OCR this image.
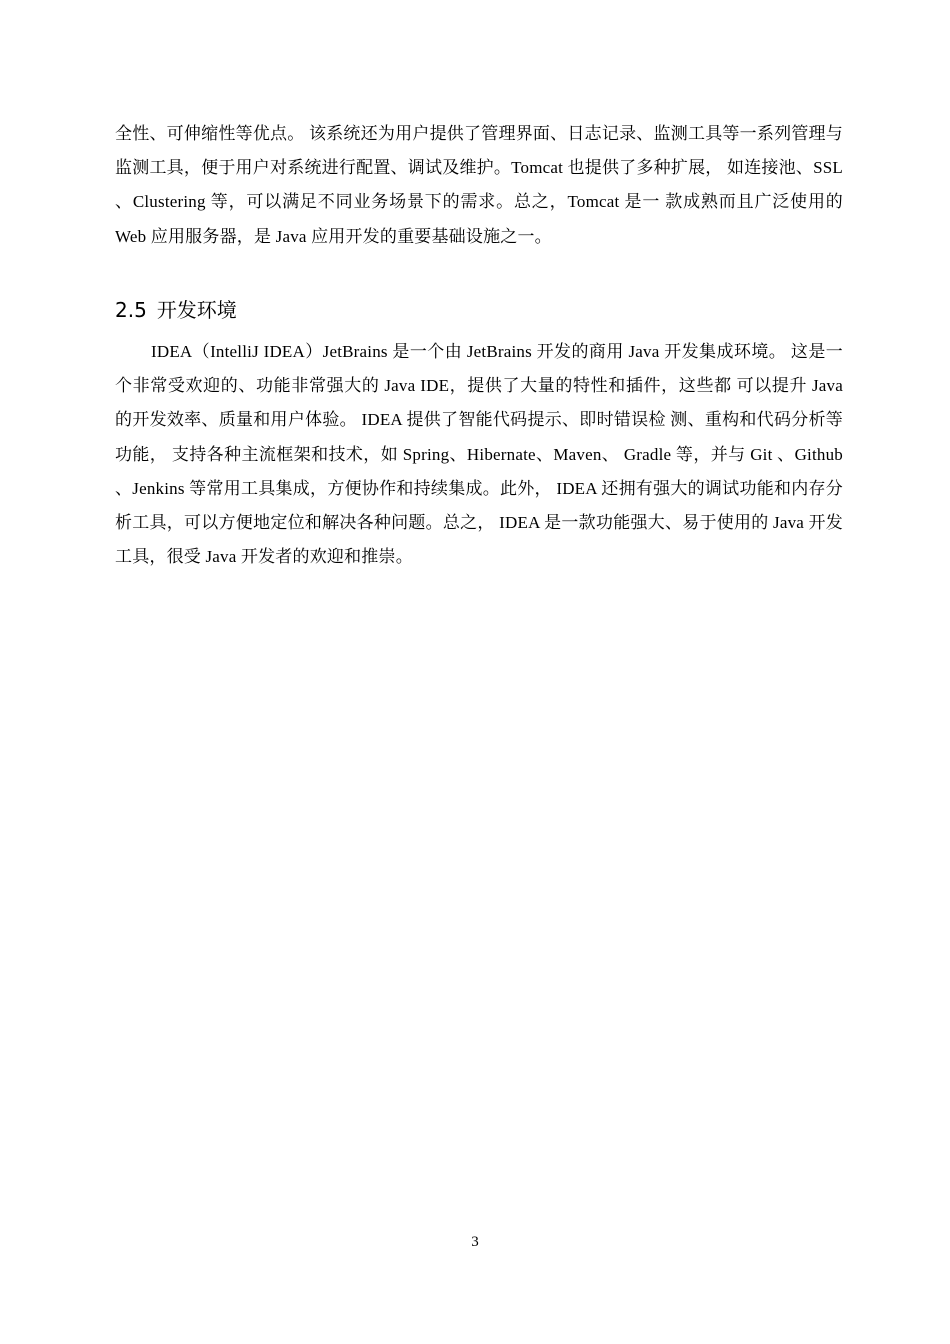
全性、可伸缩性等优点。 该系统还为用户提供了管理界面、日志记录、监测工具等一系列管理与监测工具，便于用户对系统进行配置、调试及维护。Tomcat 也提供了多种扩展， 如连接池、SSL 、Clustering 等，可以满足不同业务场景下的需求。总之，Tomcat 是一 款成熟而且广泛使用的 Web 应用服务器，是 Java 应用开发的重要基础设施之一。

2.5 开发环境

IDEA（IntelliJ IDEA）JetBrains 是一个由 JetBrains 开发的商用 Java 开发集成环境。 这是一个非常受欢迎的、功能非常强大的 Java IDE，提供了大量的特性和插件，这些都 可以提升 Java 的开发效率、质量和用户体验。 IDEA 提供了智能代码提示、即时错误检 测、重构和代码分析等功能， 支持各种主流框架和技术，如 Spring、Hibernate、Maven、 Gradle 等，并与 Git 、Github 、Jenkins 等常用工具集成，方便协作和持续集成。此外， IDEA 还拥有强大的调试功能和内存分析工具，可以方便地定位和解决各种问题。总之， IDEA 是一款功能强大、易于使用的 Java 开发工具，很受 Java 开发者的欢迎和推崇。

3
